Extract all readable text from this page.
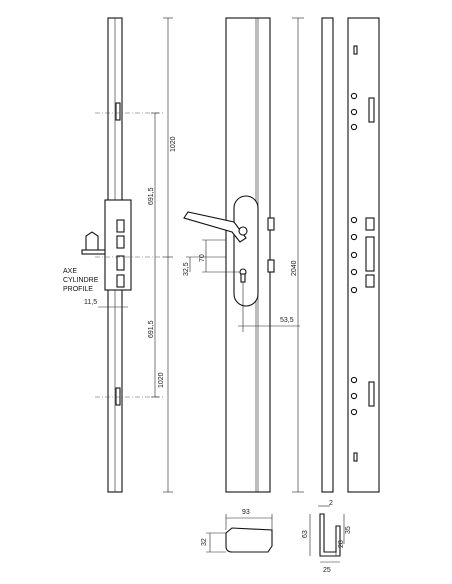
AXE
CYLINDRE
PROFILE
11,5
1020
691,5
691,5
1020
70
32,5
53,5
2040
93
32
2
63
35
28
25
